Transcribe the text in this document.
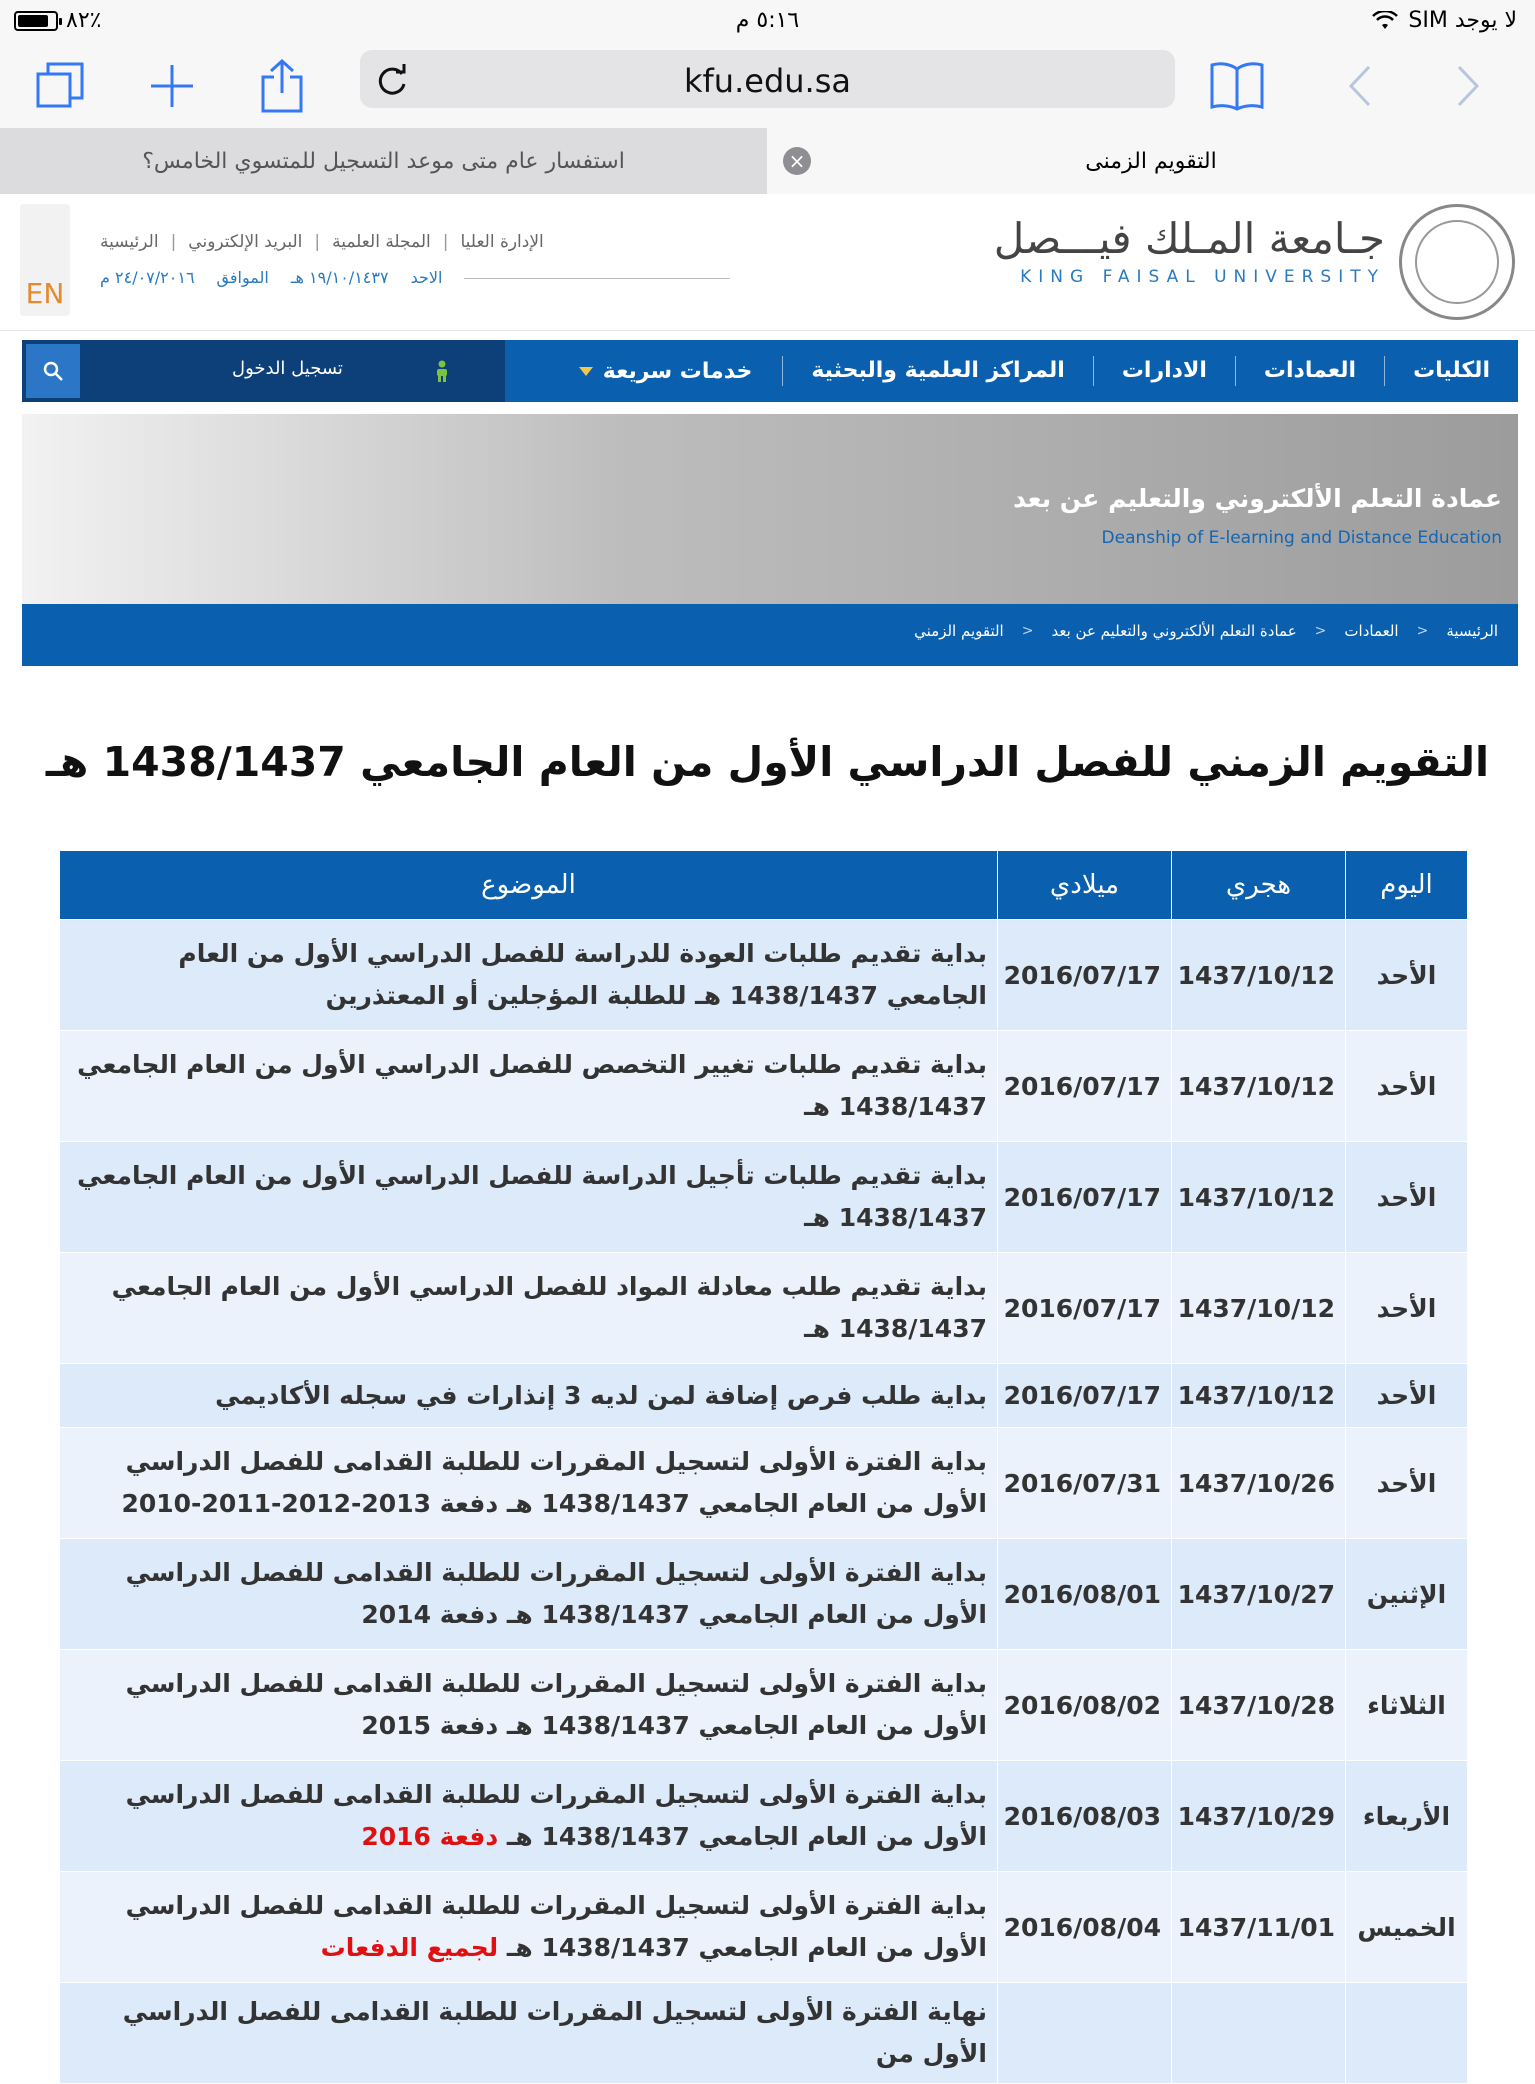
٨٢٪	٥:١٦ م	لا يوجد SIM
kfu.edu.sa
استفسار عام متى موعد التسجيل للمتسوي الخامس؟	×	التقويم الزمنى
EN
الرئيسية | البريد الإلكتروني | المجلة العلمية | الإدارة العليا
الاحد
١٩/١٠/١٤٣٧ هـ
الموافق
٢٤/٠٧/٢٠١٦ م
جـامعة المـلك فيـــصل
KING FAISAL UNIVERSITY
الكليات
العمادات
الادارات
المراكز العلمية والبحثية
خدمات سريعة
تسجيل الدخول
عمادة التعلم الألكتروني والتعليم عن بعد
Deanship of E-learning and Distance Education
الرئيسية
<
العمادات
<
عمادة التعلم الألكتروني والتعليم عن بعد
<
التقويم الزمني
التقويم الزمني للفصل الدراسي الأول من العام الجامعي 1438/1437 هـ
اليوم	هجري	ميلادي	الموضوع
الأحد	1437/10/12	2016/07/17	بداية تقديم طلبات العودة للدراسة للفصل الدراسي الأول من العام الجامعي 1438/1437 هـ للطلبة المؤجلين أو المعتذرين
الأحد	1437/10/12	2016/07/17	بداية تقديم طلبات تغيير التخصص للفصل الدراسي الأول من العام الجامعي 1438/1437 هـ
الأحد	1437/10/12	2016/07/17	بداية تقديم طلبات تأجيل الدراسة للفصل الدراسي الأول من العام الجامعي 1438/1437 هـ
الأحد	1437/10/12	2016/07/17	بداية تقديم طلب معادلة المواد للفصل الدراسي الأول من العام الجامعي 1438/1437 هـ
الأحد	1437/10/12	2016/07/17	بداية طلب فرص إضافة لمن لديه 3 إنذارات في سجله الأكاديمي
الأحد	1437/10/26	2016/07/31	بداية الفترة الأولى لتسجيل المقررات للطلبة القدامى للفصل الدراسي الأول من العام الجامعي 1438/1437 هـ دفعة 2013-2012-2011-2010
الإثنين	1437/10/27	2016/08/01	بداية الفترة الأولى لتسجيل المقررات للطلبة القدامى للفصل الدراسي الأول من العام الجامعي 1438/1437 هـ دفعة 2014
الثلاثاء	1437/10/28	2016/08/02	بداية الفترة الأولى لتسجيل المقررات للطلبة القدامى للفصل الدراسي الأول من العام الجامعي 1438/1437 هـ دفعة 2015
الأربعاء	1437/10/29	2016/08/03	بداية الفترة الأولى لتسجيل المقررات للطلبة القدامى للفصل الدراسي الأول من العام الجامعي 1438/1437 هـ دفعة 2016
الخميس	1437/11/01	2016/08/04	بداية الفترة الأولى لتسجيل المقررات للطلبة القدامى للفصل الدراسي الأول من العام الجامعي 1438/1437 هـ لجميع الدفعات
			نهاية الفترة الأولى لتسجيل المقررات للطلبة القدامى للفصل الدراسي الأول من
